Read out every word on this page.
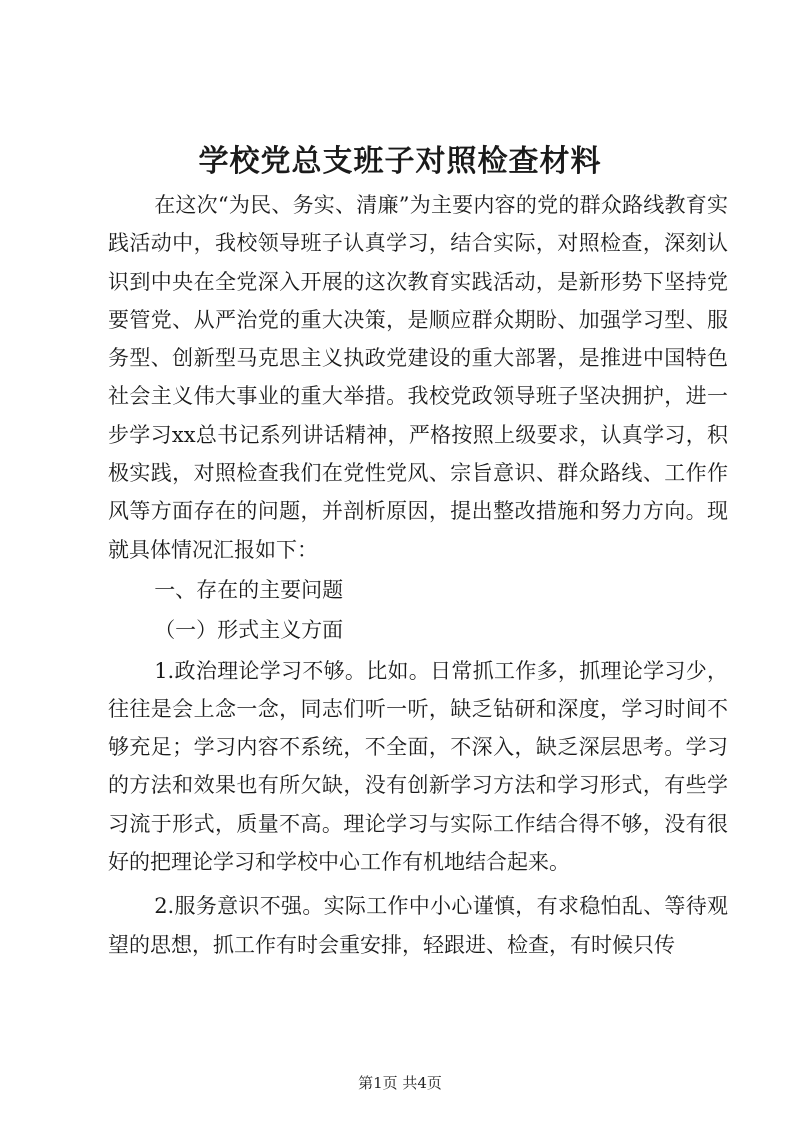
学校党总支班子对照检查材料

在这次“为民、务实、清廉”为主要内容的党的群众路线教育实践活动中，我校领导班子认真学习，结合实际，对照检查，深刻认识到中央在全党深入开展的这次教育实践活动，是新形势下坚持党要管党、从严治党的重大决策，是顺应群众期盼、加强学习型、服务型、创新型马克思主义执政党建设的重大部署，是推进中国特色社会主义伟大事业的重大举措。我校党政领导班子坚决拥护，进一步学习xx总书记系列讲话精神，严格按照上级要求，认真学习，积极实践，对照检查我们在党性党风、宗旨意识、群众路线、工作作风等方面存在的问题，并剖析原因，提出整改措施和努力方向。现就具体情况汇报如下：

一、存在的主要问题

（一）形式主义方面

1.政治理论学习不够。比如。日常抓工作多，抓理论学习少，往往是会上念一念，同志们听一听，缺乏钻研和深度，学习时间不够充足；学习内容不系统，不全面，不深入，缺乏深层思考。学习的方法和效果也有所欠缺，没有创新学习方法和学习形式，有些学习流于形式，质量不高。理论学习与实际工作结合得不够，没有很好的把理论学习和学校中心工作有机地结合起来。

2.服务意识不强。实际工作中小心谨慎，有求稳怕乱、等待观望的思想，抓工作有时会重安排，轻跟进、检查，有时候只传

第1页 共4页
